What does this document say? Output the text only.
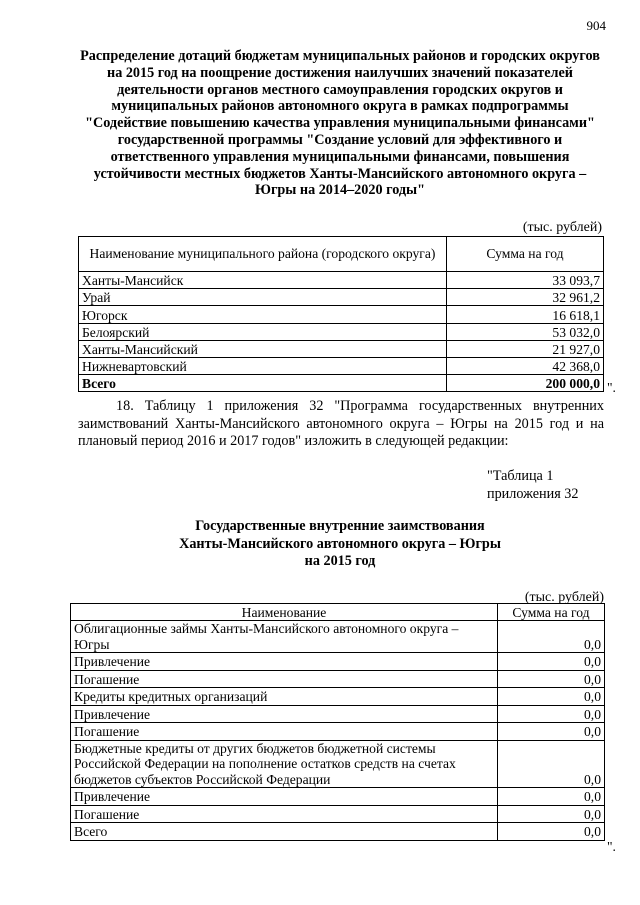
904
Распределение дотаций бюджетам муниципальных районов и городских округов на 2015 год на поощрение достижения наилучших значений показателей деятельности органов местного самоуправления городских округов и муниципальных районов автономного округа в рамках подпрограммы "Содействие повышению качества управления муниципальными финансами" государственной программы "Создание условий для эффективного и ответственного управления муниципальными финансами, повышения устойчивости местных бюджетов Ханты-Мансийского автономного округа – Югры на 2014–2020 годы"
(тыс. рублей)
Наименование муниципального района (городского округа)	Сумма на год
Ханты-Мансийск	33 093,7
Урай	32 961,2
Югорск	16 618,1
Белоярский	53 032,0
Ханты-Мансийский	21 927,0
Нижневартовский	42 368,0
Всего	200 000,0 ".
18. Таблицу 1 приложения 32 "Программа государственных внутренних заимствований Ханты-Мансийского автономного округа – Югры на 2015 год и на плановый период 2016 и 2017 годов" изложить в следующей редакции:
"Таблица 1
приложения 32
Государственные внутренние заимствования
Ханты-Мансийского автономного округа – Югры
на 2015 год
(тыс. рублей)
Наименование	Сумма на год
Облигационные займы Ханты-Мансийского автономного округа – Югры	0,0
Привлечение	0,0
Погашение	0,0
Кредиты кредитных организаций	0,0
Привлечение	0,0
Погашение	0,0
Бюджетные кредиты от других бюджетов бюджетной системы Российской Федерации на пополнение остатков средств на счетах бюджетов субъектов Российской Федерации	0,0
Привлечение	0,0
Погашение	0,0
Всего	0,0
".
